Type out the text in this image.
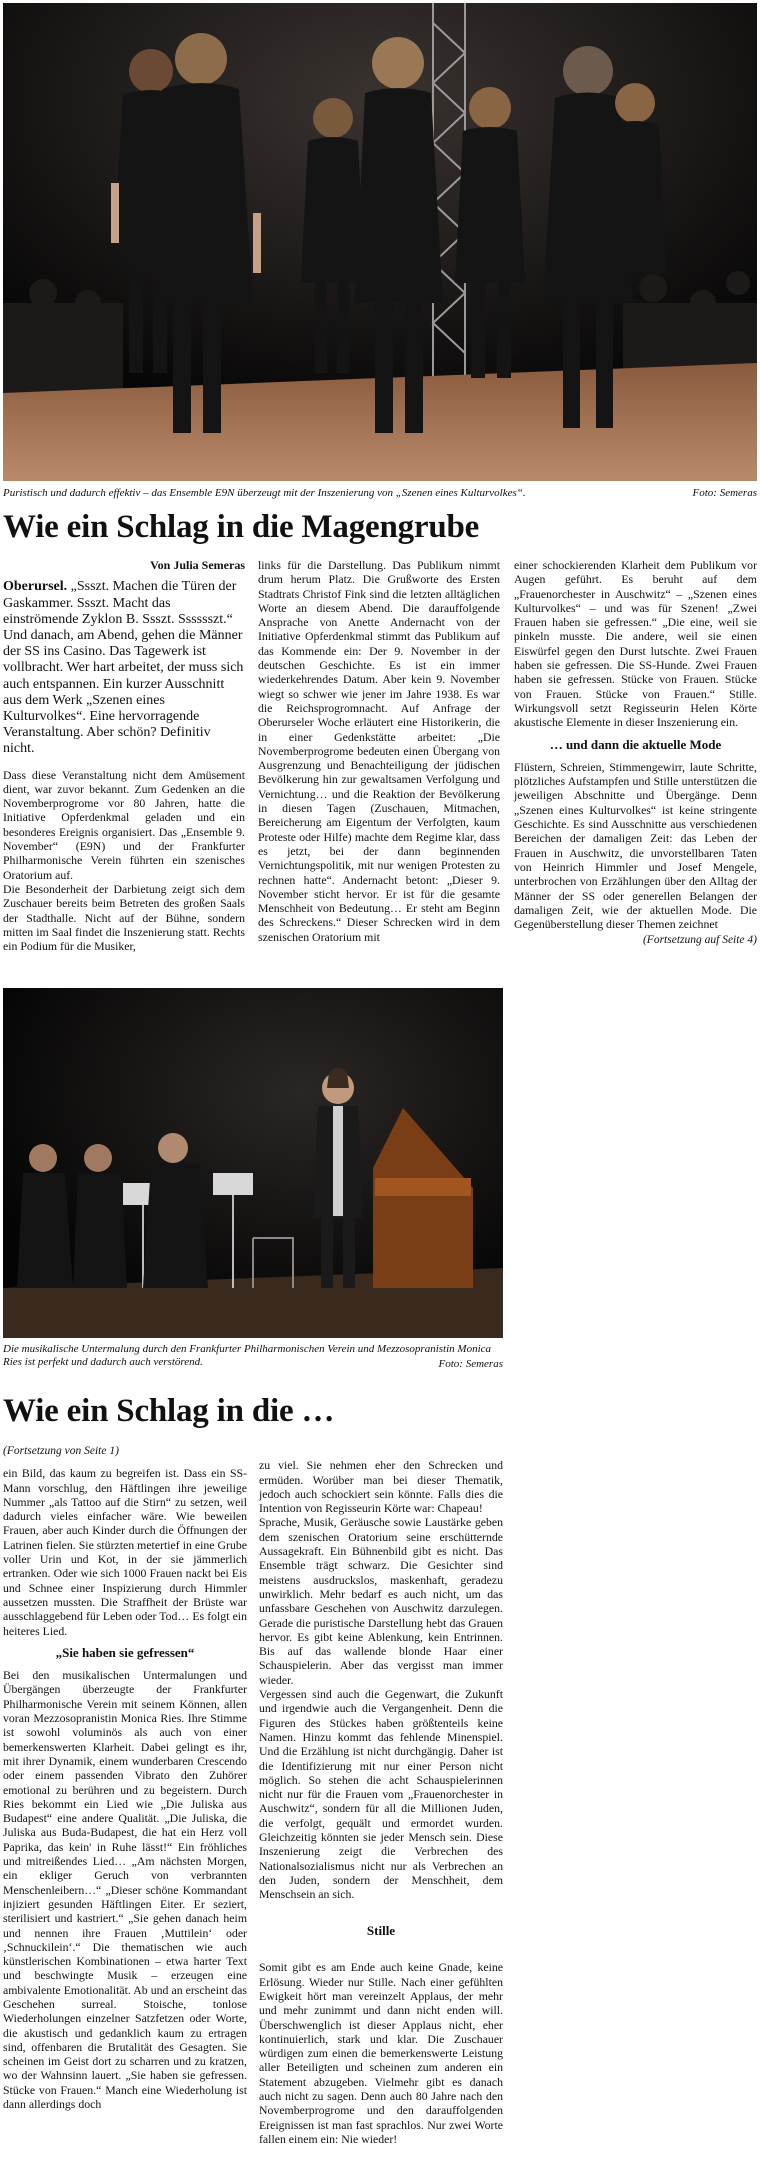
Puristisch und dadurch effektiv – das Ensemble E9N überzeugt mit der Inszenierung von „Szenen eines Kulturvolkes“.	Foto: Semeras
Wie ein Schlag in die Magengrube
Von Julia Semeras
Oberursel. „Ssszt. Machen die Türen der Gaskammer. Ssszt. Macht das einströmende Zyklon B. Ssszt. Sssssszt.“ Und danach, am Abend, gehen die Männer der SS ins Casino. Das Tagewerk ist vollbracht. Wer hart arbeitet, der muss sich auch entspannen. Ein kurzer Ausschnitt aus dem Werk „Szenen eines Kulturvolkes“. Eine hervorragende Veranstaltung. Aber schön? Definitiv nicht.

Dass diese Veranstaltung nicht dem Amüsement dient, war zuvor bekannt. Zum Gedenken an die Novemberprogrome vor 80 Jahren, hatte die Initiative Opferdenkmal geladen und ein besonderes Ereignis organisiert. Das „Ensemble 9. November“ (E9N) und der Frankfurter Philharmonische Verein führten ein szenisches Oratorium auf.

Die Besonderheit der Darbietung zeigt sich dem Zuschauer bereits beim Betreten des großen Saals der Stadthalle. Nicht auf der Bühne, sondern mitten im Saal findet die Inszenierung statt. Rechts ein Podium für die Musiker,

links für die Darstellung. Das Publikum nimmt drum herum Platz. Die Grußworte des Ersten Stadtrats Christof Fink sind die letzten alltäglichen Worte an diesem Abend. Die darauffolgende Ansprache von Anette Andernacht von der Initiative Opferdenkmal stimmt das Publikum auf das Kommende ein: Der 9. November in der deutschen Geschichte. Es ist ein immer wiederkehrendes Datum. Aber kein 9. November wiegt so schwer wie jener im Jahre 1938. Es war die Reichsprogromnacht. Auf Anfrage der Oberurseler Woche erläutert eine Historikerin, die in einer Gedenkstätte arbeitet: „Die Novemberprogrome bedeuten einen Übergang von Ausgrenzung und Benachteiligung der jüdischen Bevölkerung hin zur gewaltsamen Verfolgung und Vernichtung… und die Reaktion der Bevölkerung in diesen Tagen (Zuschauen, Mitmachen, Bereicherung am Eigentum der Verfolgten, kaum Proteste oder Hilfe) machte dem Regime klar, dass es jetzt, bei der dann beginnenden Vernichtungspolitik, mit nur wenigen Protesten zu rechnen hatte“. Andernacht betont: „Dieser 9. November sticht hervor. Er ist für die gesamte Menschheit von Bedeutung… Er steht am Beginn des Schreckens.“ Dieser Schrecken wird in dem szenischen Oratorium mit

einer schockierenden Klarheit dem Publikum vor Augen geführt. Es beruht auf dem „Frauenorchester in Auschwitz“ – „Szenen eines Kulturvolkes“ – und was für Szenen! „Zwei Frauen haben sie gefressen.“ „Die eine, weil sie pinkeln musste. Die andere, weil sie einen Eiswürfel gegen den Durst lutschte. Zwei Frauen haben sie gefressen. Die SS-Hunde. Zwei Frauen haben sie gefressen. Stücke von Frauen. Stücke von Frauen. Stücke von Frauen.“ Stille. Wirkungsvoll setzt Regisseurin Helen Körte akustische Elemente in dieser Inszenierung ein.

… und dann die aktuelle Mode

Flüstern, Schreien, Stimmengewirr, laute Schritte, plötzliches Aufstampfen und Stille unterstützen die jeweiligen Abschnitte und Übergänge. Denn „Szenen eines Kulturvolkes“ ist keine stringente Geschichte. Es sind Ausschnitte aus verschiedenen Bereichen der damaligen Zeit: das Leben der Frauen in Auschwitz, die unvorstellbaren Taten von Heinrich Himmler und Josef Mengele, unterbrochen von Erzählungen über den Alltag der Männer der SS oder generellen Belangen der damaligen Zeit, wie der aktuellen Mode. Die Gegenüberstellung dieser Themen zeichnet

(Fortsetzung auf Seite 4)
Die musikalische Untermalung durch den Frankfurter Philharmonischen Verein und Mezzosopranistin Monica Ries ist perfekt und dadurch auch verstörend.	Foto: Semeras
Wie ein Schlag in die …
(Fortsetzung von Seite 1)

ein Bild, das kaum zu begreifen ist. Dass ein SS-Mann vorschlug, den Häftlingen ihre jeweilige Nummer „als Tattoo auf die Stirn“ zu setzen, weil dadurch vieles einfacher wäre. Wie beweilen Frauen, aber auch Kinder durch die Öffnungen der Latrinen fielen. Sie stürzten metertief in eine Grube voller Urin und Kot, in der sie jämmerlich ertranken. Oder wie sich 1000 Frauen nackt bei Eis und Schnee einer Inspizierung durch Himmler aussetzen mussten. Die Straffheit der Brüste war ausschlaggebend für Leben oder Tod… Es folgt ein heiteres Lied.

„Sie haben sie gefressen“

Bei den musikalischen Untermalungen und Übergängen überzeugte der Frankfurter Philharmonische Verein mit seinem Können, allen voran Mezzosopranistin Monica Ries. Ihre Stimme ist sowohl voluminös als auch von einer bemerkenswerten Klarheit. Dabei gelingt es ihr, mit ihrer Dynamik, einem wunderbaren Crescendo oder einem passenden Vibrato den Zuhörer emotional zu berühren und zu begeistern. Durch Ries bekommt ein Lied wie „Die Juliska aus Budapest“ eine andere Qualität. „Die Juliska, die Juliska aus Buda-Budapest, die hat ein Herz voll Paprika, das kein' in Ruhe lässt!“ Ein fröhliches und mitreißendes Lied… „Am nächsten Morgen, ein ekliger Geruch von verbrannten Menschenleibern…“ „Dieser schöne Kommandant injiziert gesunden Häftlingen Eiter. Er seziert, sterilisiert und kastriert.“ „Sie gehen danach heim und nennen ihre Frauen ‚Muttilein‘ oder ‚Schnuckilein‘.“ Die thematischen wie auch künstlerischen Kombinationen – etwa harter Text und beschwingte Musik – erzeugen eine ambivalente Emotionalität. Ab und an erscheint das Geschehen surreal. Stoische, tonlose Wiederholungen einzelner Satzfetzen oder Worte, die akustisch und gedanklich kaum zu ertragen sind, offenbaren die Brutalität des Gesagten. Sie scheinen im Geist dort zu scharren und zu kratzen, wo der Wahnsinn lauert. „Sie haben sie gefressen. Stücke von Frauen.“ Manch eine Wiederholung ist dann allerdings doch

zu viel. Sie nehmen eher den Schrecken und ermüden. Worüber man bei dieser Thematik, jedoch auch schockiert sein könnte. Falls dies die Intention von Regisseurin Körte war: Chapeau!
Sprache, Musik, Geräusche sowie Laustärke geben dem szenischen Oratorium seine erschütternde Aussagekraft. Ein Bühnenbild gibt es nicht. Das Ensemble trägt schwarz. Die Gesichter sind meistens ausdruckslos, maskenhaft, geradezu unwirklich. Mehr bedarf es auch nicht, um das unfassbare Geschehen von Auschwitz darzulegen. Gerade die puristische Darstellung hebt das Grauen hervor. Es gibt keine Ablenkung, kein Entrinnen. Bis auf das wallende blonde Haar einer Schauspielerin. Aber das vergisst man immer wieder.
Vergessen sind auch die Gegenwart, die Zukunft und irgendwie auch die Vergangenheit. Denn die Figuren des Stückes haben größtenteils keine Namen. Hinzu kommt das fehlende Minenspiel. Und die Erzählung ist nicht durchgängig. Daher ist die Identifizierung mit nur einer Person nicht möglich. So stehen die acht Schauspielerinnen nicht nur für die Frauen vom „Frauenorchester in Auschwitz“, sondern für all die Millionen Juden, die verfolgt, gequält und ermordet wurden. Gleichzeitig könnten sie jeder Mensch sein. Diese Inszenierung zeigt die Verbrechen des Nationalsozialismus nicht nur als Verbrechen an den Juden, sondern der Menschheit, dem Menschsein an sich.

Stille

Somit gibt es am Ende auch keine Gnade, keine Erlösung. Wieder nur Stille. Nach einer gefühlten Ewigkeit hört man vereinzelt Applaus, der mehr und mehr zunimmt und dann nicht enden will. Überschwenglich ist dieser Applaus nicht, eher kontinuierlich, stark und klar. Die Zuschauer würdigen zum einen die bemerkenswerte Leistung aller Beteiligten und scheinen zum anderen ein Statement abzugeben. Vielmehr gibt es danach auch nicht zu sagen. Denn auch 80 Jahre nach den Novemberprogrome und den darauffolgenden Ereignissen ist man fast sprachlos. Nur zwei Worte fallen einem ein: Nie wieder!
